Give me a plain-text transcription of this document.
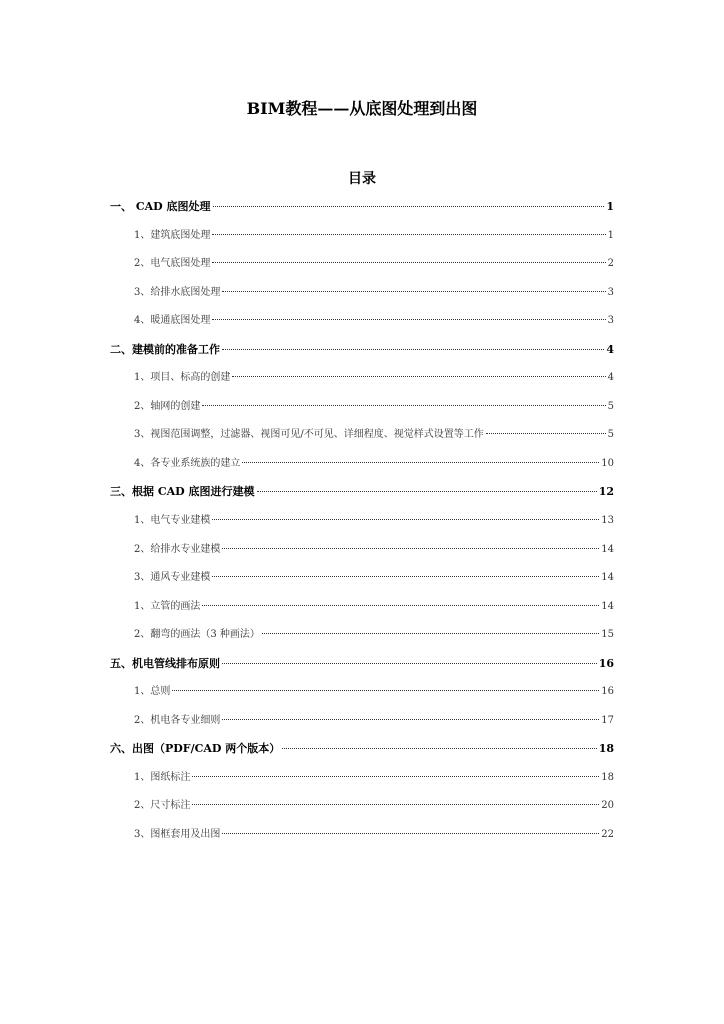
BIM教程——从底图处理到出图
目录
一、 CAD 底图处理	1
1、建筑底图处理	1
2、电气底图处理	2
3、给排水底图处理	3
4、暖通底图处理	3
二、建模前的准备工作	4
1、项目、标高的创建	4
2、轴网的创建	5
3、视图范围调整，过滤器、视图可见/不可见、详细程度、视觉样式设置等工作	5
4、各专业系统族的建立	10
三、根据 CAD 底图进行建模	12
1、电气专业建模	13
2、给排水专业建模	14
3、通风专业建模	14
1、立管的画法	14
2、翻弯的画法（3 种画法）	15
五、机电管线排布原则	16
1、总则	16
2、机电各专业细则	17
六、出图（PDF/CAD 两个版本）	18
1、图纸标注	18
2、尺寸标注	20
3、图框套用及出图	22
